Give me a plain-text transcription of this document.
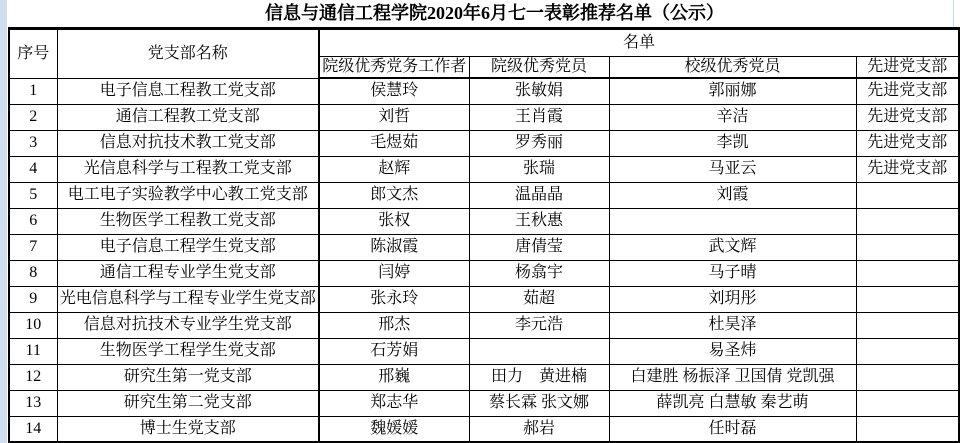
信息与通信工程学院2020年6月七一表彰推荐名单（公示）
序号	党支部名称	名单			
		院级优秀党务工作者	院级优秀党员	校级优秀党员	先进党支部
1	电子信息工程教工党支部	侯慧玲	张敏娟	郭丽娜	先进党支部
2	通信工程教工党支部	刘哲	王肖霞	辛洁	先进党支部
3	信息对抗技术教工党支部	毛煜茹	罗秀丽	李凯	先进党支部
4	光信息科学与工程教工党支部	赵辉	张瑞	马亚云	先进党支部
5	电工电子实验教学中心教工党支部	郎文杰	温晶晶	刘霞	
6	生物医学工程教工党支部	张权	王秋惠		
7	电子信息工程学生党支部	陈淑霞	唐倩莹	武文辉	
8	通信工程专业学生党支部	闫婷	杨翕宇	马子晴	
9	光电信息科学与工程专业学生党支部	张永玲	茹超	刘玥彤	
10	信息对抗技术专业学生党支部	邢杰	李元浩	杜昊泽	
11	生物医学工程学生党支部	石芳娟		易圣炜	
12	研究生第一党支部	邢巍	田力　黄进楠	白建胜 杨振泽 卫国倩 党凯强	
13	研究生第二党支部	郑志华	蔡长霖 张文娜	薛凯亮 白慧敏 秦艺萌	
14	博士生党支部	魏媛媛	郝岩	任时磊	
